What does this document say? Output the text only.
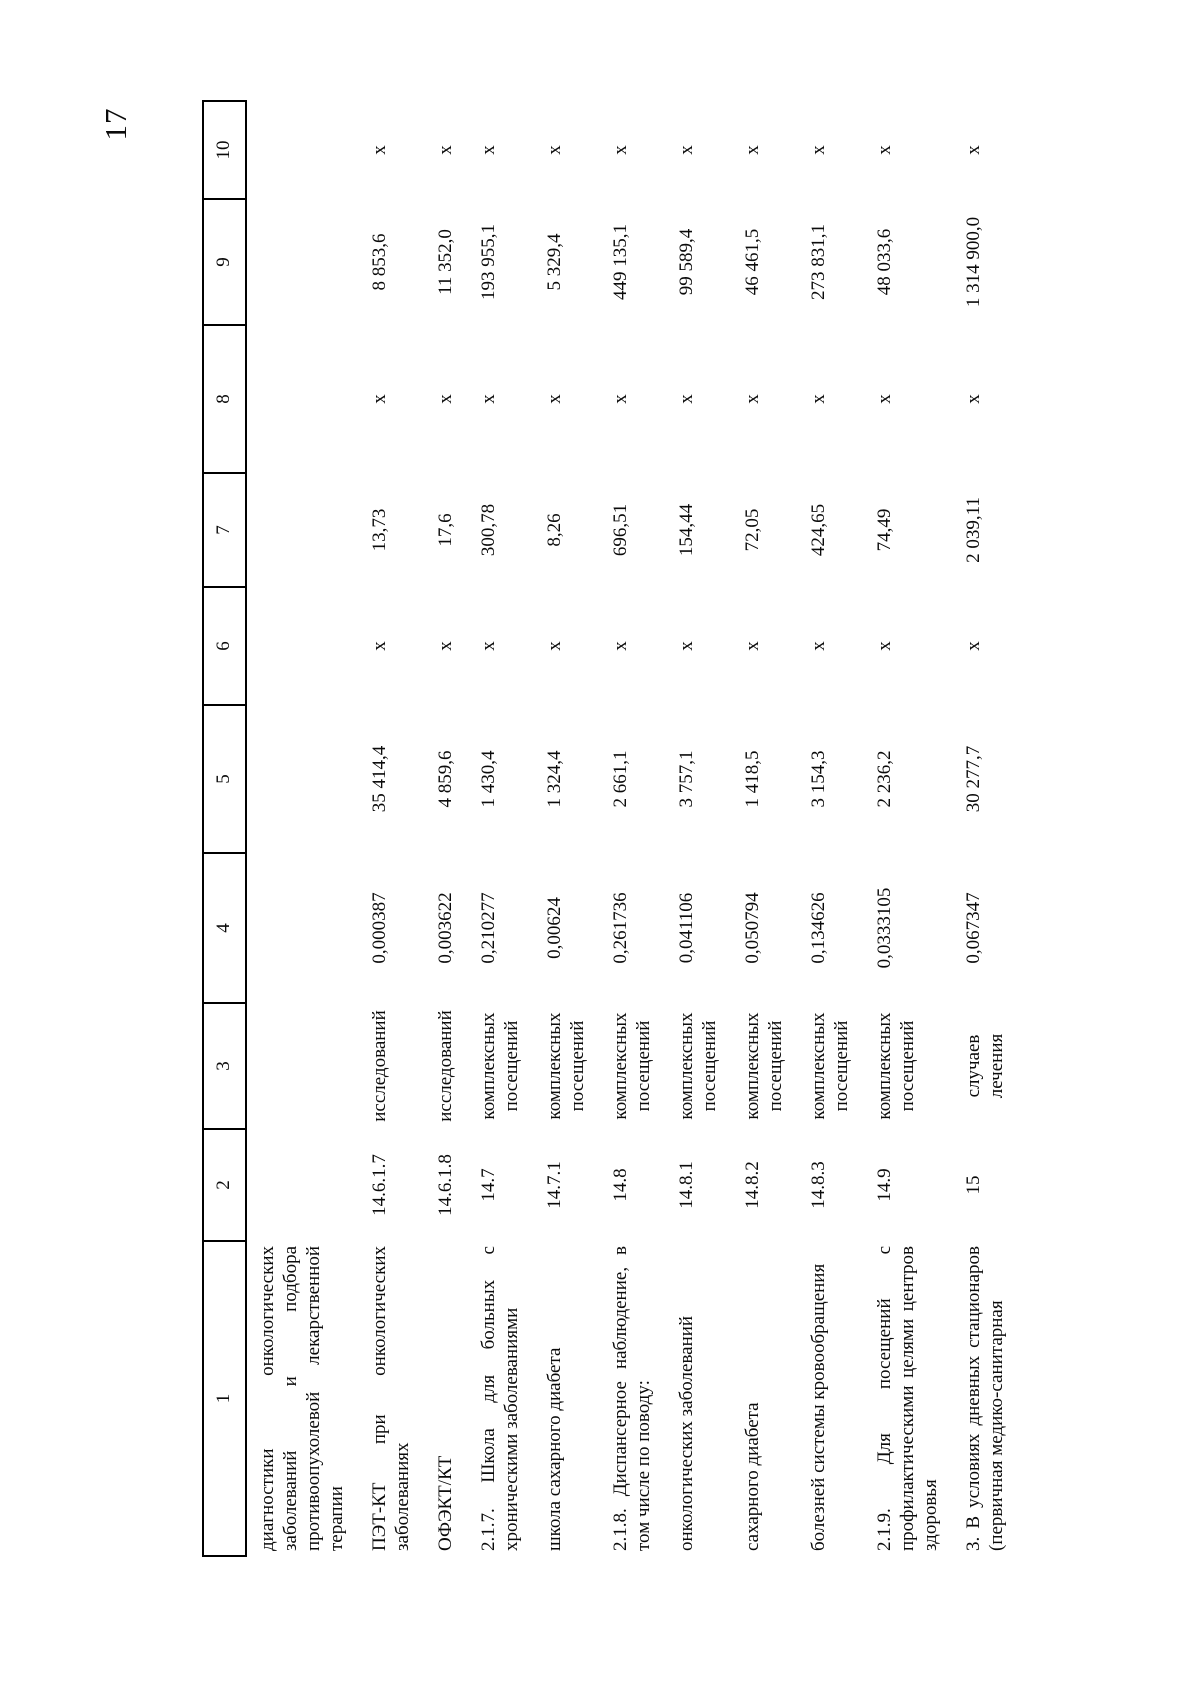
17
1	2	3	4	5	6	7	8	9	10
диагностики онкологических заболеваний и подбора противоопухолевой лекарственной терапии									
ПЭТ-КТ при онкологических заболеваниях	14.6.1.7	исследований	0,000387	35 414,4	х	13,73	х	8 853,6	х
ОФЭКТ/КТ	14.6.1.8	исследований	0,003622	4 859,6	х	17,6	х	11 352,0	х
2.1.7. Школа для больных с хроническими заболеваниями	14.7	комплексных посещений	0,210277	1 430,4	х	300,78	х	193 955,1	х
школа сахарного диабета	14.7.1	комплексных посещений	0,00624	1 324,4	х	8,26	х	5 329,4	х
2.1.8. Диспансерное наблюдение, в том числе по поводу:	14.8	комплексных посещений	0,261736	2 661,1	х	696,51	х	449 135,1	х
онкологических заболеваний	14.8.1	комплексных посещений	0,041106	3 757,1	х	154,44	х	99 589,4	х
сахарного диабета	14.8.2	комплексных посещений	0,050794	1 418,5	х	72,05	х	46 461,5	х
болезней системы кровообращения	14.8.3	комплексных посещений	0,134626	3 154,3	х	424,65	х	273 831,1	х
2.1.9. Для посещений с профилактическими целями центров здоровья	14.9	комплексных посещений	0,0333105	2 236,2	х	74,49	х	48 033,6	х
3. В условиях дневных стационаров (первичная медико-санитарная	15	случаев лечения	0,067347	30 277,7	х	2 039,11	х	1 314 900,0	х
